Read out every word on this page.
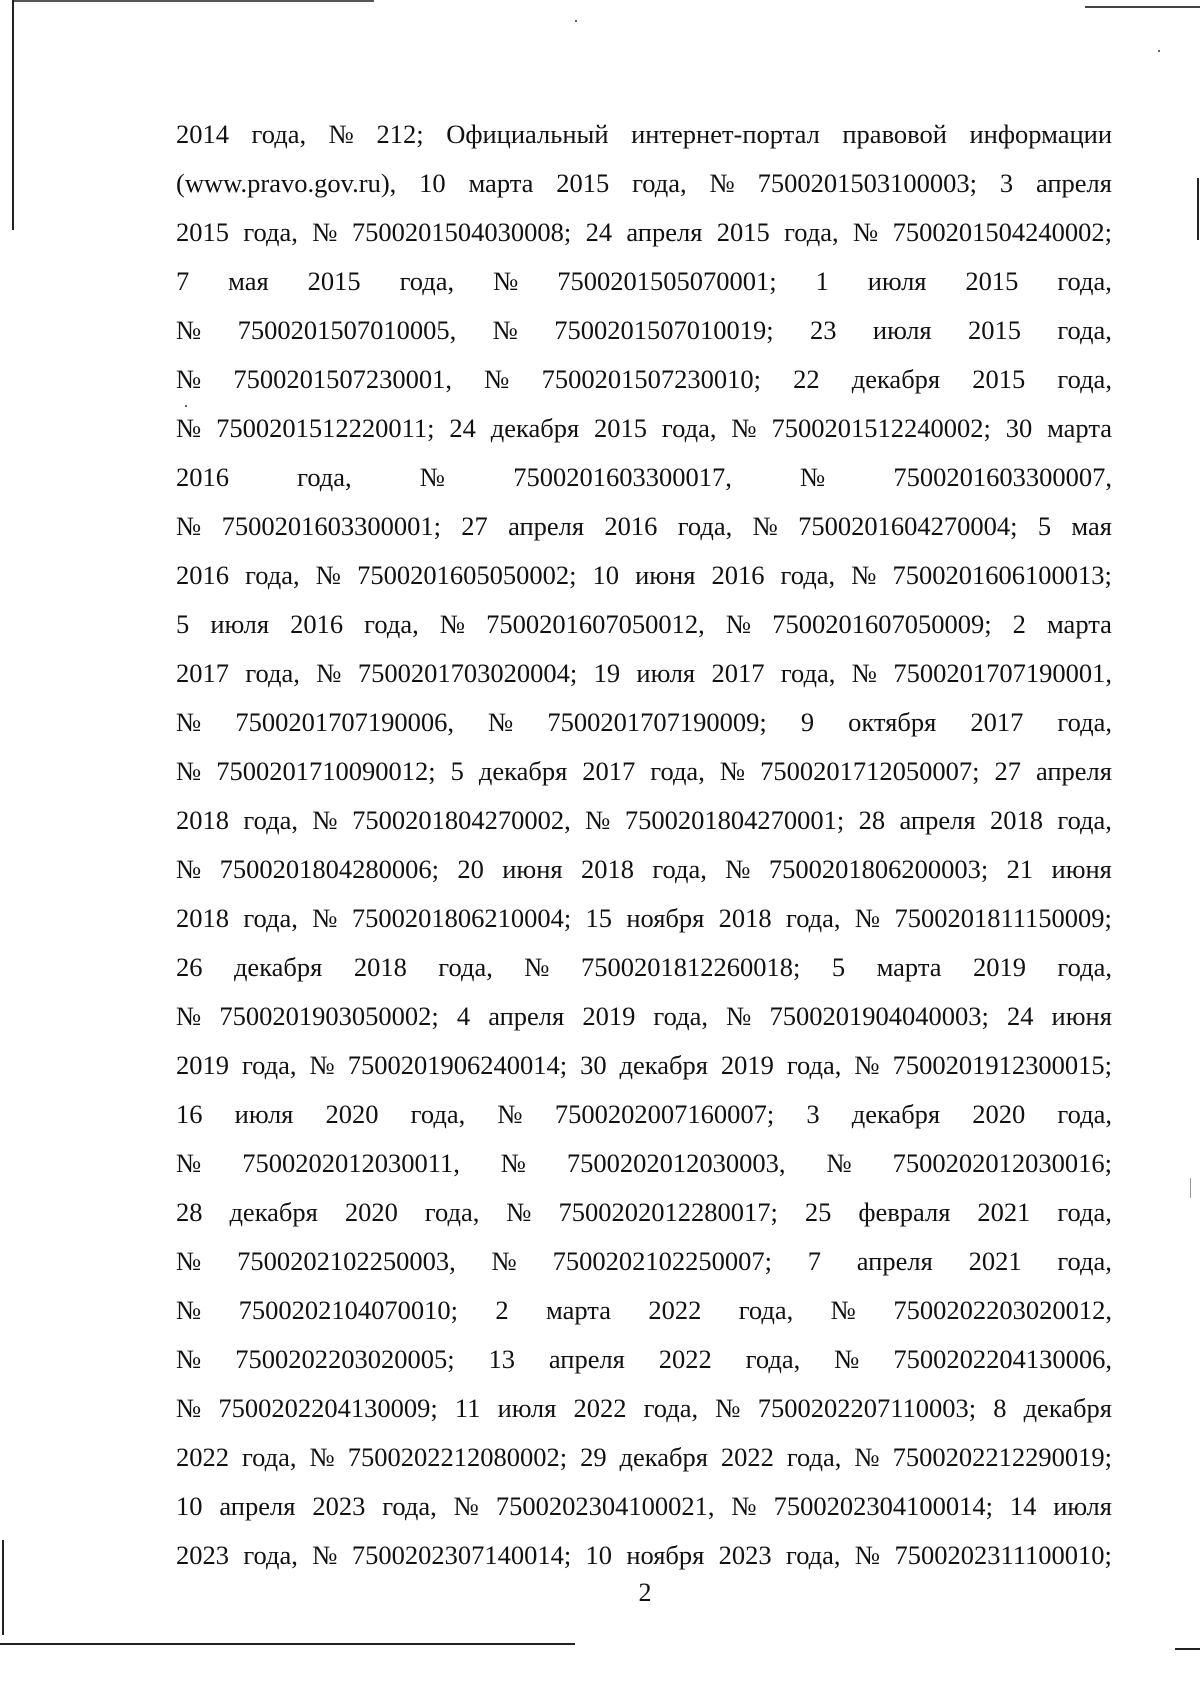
2014 года, № 212; Официальный интернет-портал правовой информации
(www.pravo.gov.ru), 10 марта 2015 года, № 7500201503100003; 3 апреля
2015 года, № 7500201504030008; 24 апреля 2015 года, № 7500201504240002;
7 мая 2015 года, № 7500201505070001; 1 июля 2015 года,
№ 7500201507010005, № 7500201507010019; 23 июля 2015 года,
№ 7500201507230001, № 7500201507230010; 22 декабря 2015 года,
№ 7500201512220011; 24 декабря 2015 года, № 7500201512240002; 30 марта
2016	года,	№	7500201603300017,	№	7500201603300007,
№ 7500201603300001; 27 апреля 2016 года, № 7500201604270004; 5 мая
2016 года, № 7500201605050002; 10 июня 2016 года, № 7500201606100013;
5 июля 2016 года, № 7500201607050012, № 7500201607050009; 2 марта
2017 года, № 7500201703020004; 19 июля 2017 года, № 7500201707190001,
№ 7500201707190006, № 7500201707190009; 9 октября 2017 года,
№ 7500201710090012; 5 декабря 2017 года, № 7500201712050007; 27 апреля
2018 года, № 7500201804270002, № 7500201804270001; 28 апреля 2018 года,
№ 7500201804280006; 20 июня 2018 года, № 7500201806200003; 21 июня
2018 года, № 7500201806210004; 15 ноября 2018 года, № 7500201811150009;
26 декабря 2018 года, № 7500201812260018; 5 марта 2019 года,
№ 7500201903050002; 4 апреля 2019 года, № 7500201904040003; 24 июня
2019 года, № 7500201906240014; 30 декабря 2019 года, № 7500201912300015;
16 июля 2020 года, № 7500202007160007; 3 декабря 2020 года,
№ 7500202012030011, № 7500202012030003, № 7500202012030016;
28 декабря 2020 года, № 7500202012280017; 25 февраля 2021 года,
№ 7500202102250003, № 7500202102250007; 7 апреля 2021 года,
№ 7500202104070010; 2 марта 2022 года, № 7500202203020012,
№ 7500202203020005; 13 апреля 2022 года, № 7500202204130006,
№ 7500202204130009; 11 июля 2022 года, № 7500202207110003; 8 декабря
2022 года, № 7500202212080002; 29 декабря 2022 года, № 7500202212290019;
10 апреля 2023 года, № 7500202304100021, № 7500202304100014; 14 июля
2023 года, № 7500202307140014; 10 ноября 2023 года, № 7500202311100010;
2
